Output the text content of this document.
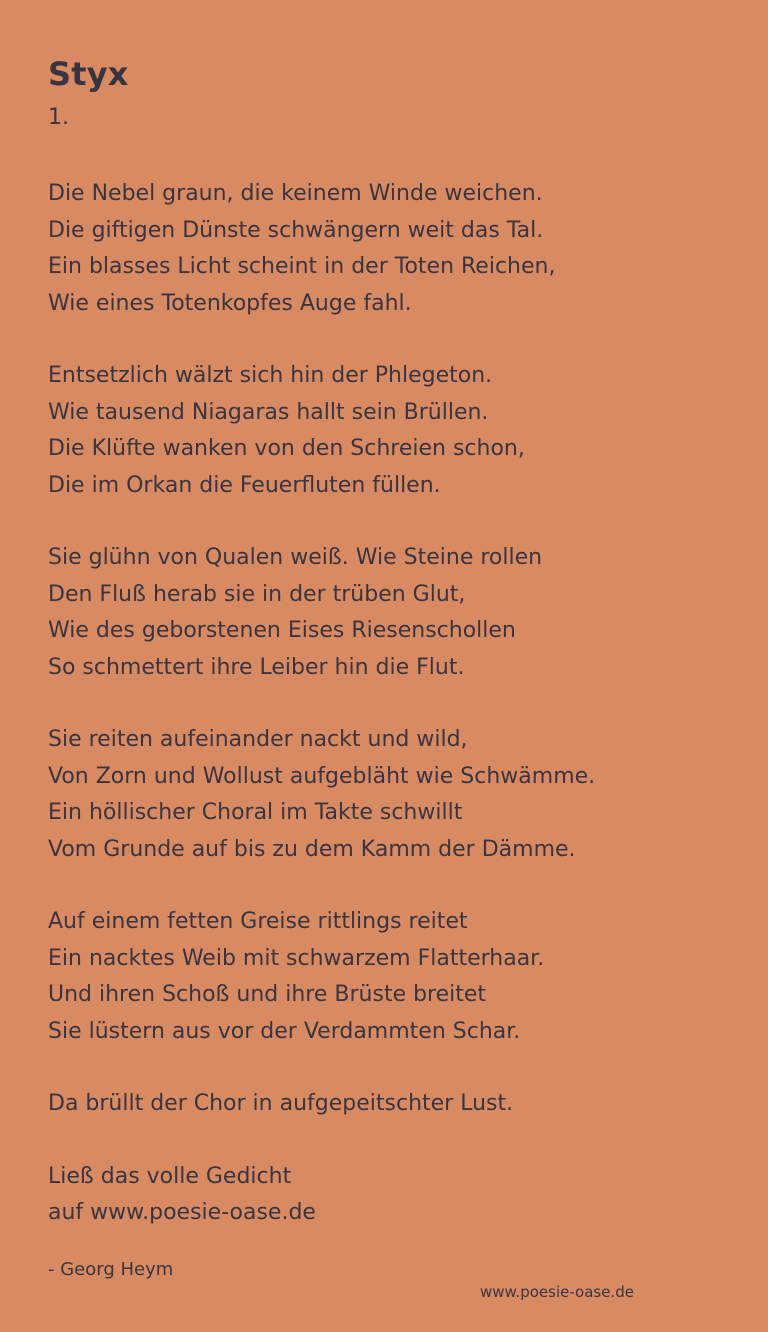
Styx
1.
Die Nebel graun, die keinem Winde weichen.
Die giftigen Dünste schwängern weit das Tal.
Ein blasses Licht scheint in der Toten Reichen,
Wie eines Totenkopfes Auge fahl.
Entsetzlich wälzt sich hin der Phlegeton.
Wie tausend Niagaras hallt sein Brüllen.
Die Klüfte wanken von den Schreien schon,
Die im Orkan die Feuerfluten füllen.
Sie glühn von Qualen weiß. Wie Steine rollen
Den Fluß herab sie in der trüben Glut,
Wie des geborstenen Eises Riesenschollen
So schmettert ihre Leiber hin die Flut.
Sie reiten aufeinander nackt und wild,
Von Zorn und Wollust aufgebläht wie Schwämme.
Ein höllischer Choral im Takte schwillt
Vom Grunde auf bis zu dem Kamm der Dämme.
Auf einem fetten Greise rittlings reitet
Ein nacktes Weib mit schwarzem Flatterhaar.
Und ihren Schoß und ihre Brüste breitet
Sie lüstern aus vor der Verdammten Schar.
Da brüllt der Chor in aufgepeitschter Lust.
Ließ das volle Gedicht
auf www.poesie-oase.de
- Georg Heym
www.poesie-oase.de
